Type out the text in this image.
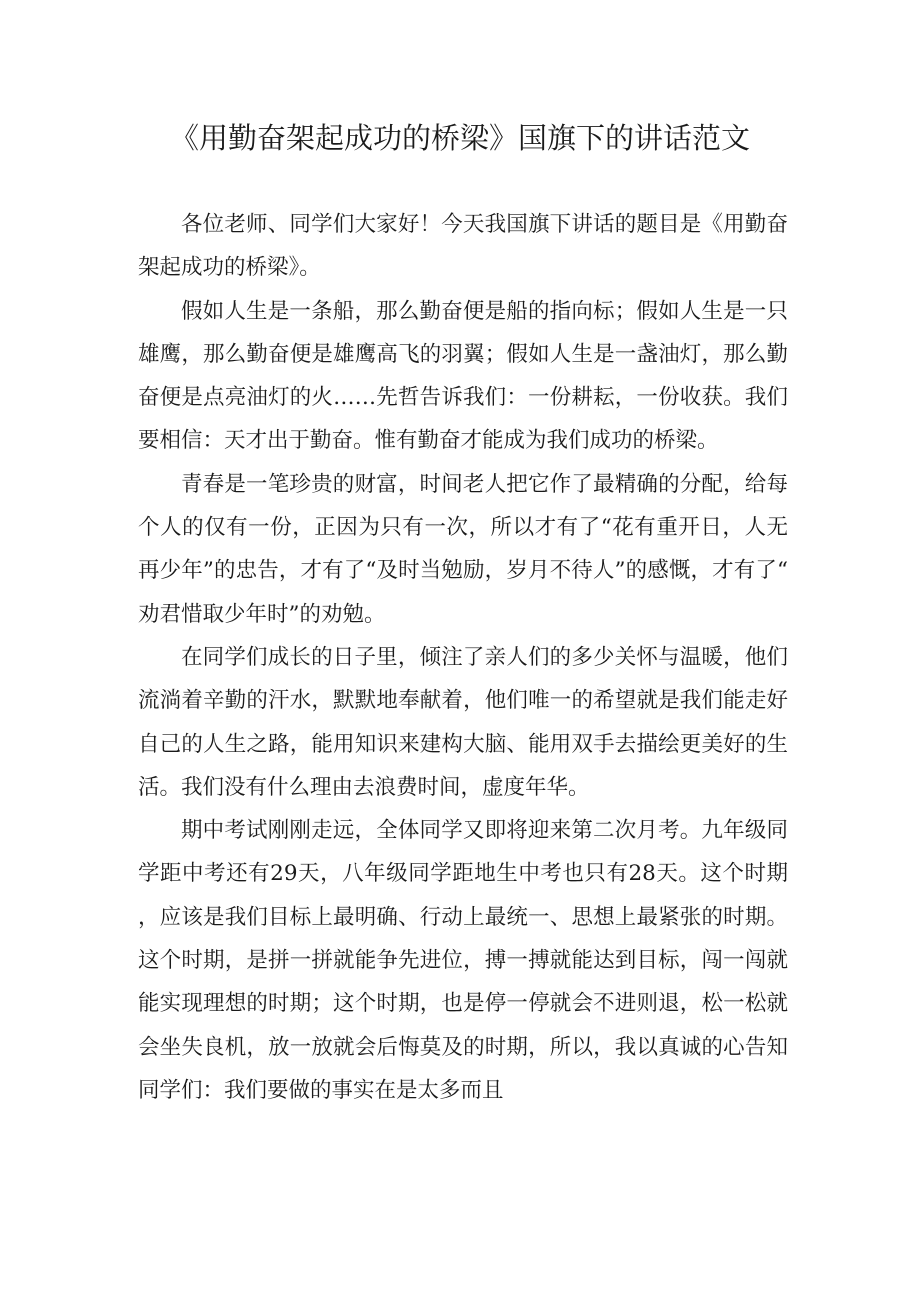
《用勤奋架起成功的桥梁》国旗下的讲话范文

各位老师、同学们大家好！今天我国旗下讲话的题目是《用勤奋架起成功的桥梁》。

假如人生是一条船，那么勤奋便是船的指向标；假如人生是一只雄鹰，那么勤奋便是雄鹰高飞的羽翼；假如人生是一盏油灯，那么勤奋便是点亮油灯的火……先哲告诉我们：一份耕耘，一份收获。我们要相信：天才出于勤奋。惟有勤奋才能成为我们成功的桥梁。

青春是一笔珍贵的财富，时间老人把它作了最精确的分配，给每个人的仅有一份，正因为只有一次，所以才有了“花有重开日，人无再少年”的忠告，才有了“及时当勉励，岁月不待人”的感慨，才有了“劝君惜取少年时”的劝勉。

在同学们成长的日子里，倾注了亲人们的多少关怀与温暖，他们流淌着辛勤的汗水，默默地奉献着，他们唯一的希望就是我们能走好自己的人生之路，能用知识来建构大脑、能用双手去描绘更美好的生活。我们没有什么理由去浪费时间，虚度年华。

期中考试刚刚走远，全体同学又即将迎来第二次月考。九年级同学距中考还有29天，八年级同学距地生中考也只有28天。这个时期，应该是我们目标上最明确、行动上最统一、思想上最紧张的时期。这个时期，是拼一拼就能争先进位，搏一搏就能达到目标，闯一闯就能实现理想的时期；这个时期，也是停一停就会不进则退，松一松就会坐失良机，放一放就会后悔莫及的时期，所以，我以真诚的心告知同学们：我们要做的事实在是太多而且
